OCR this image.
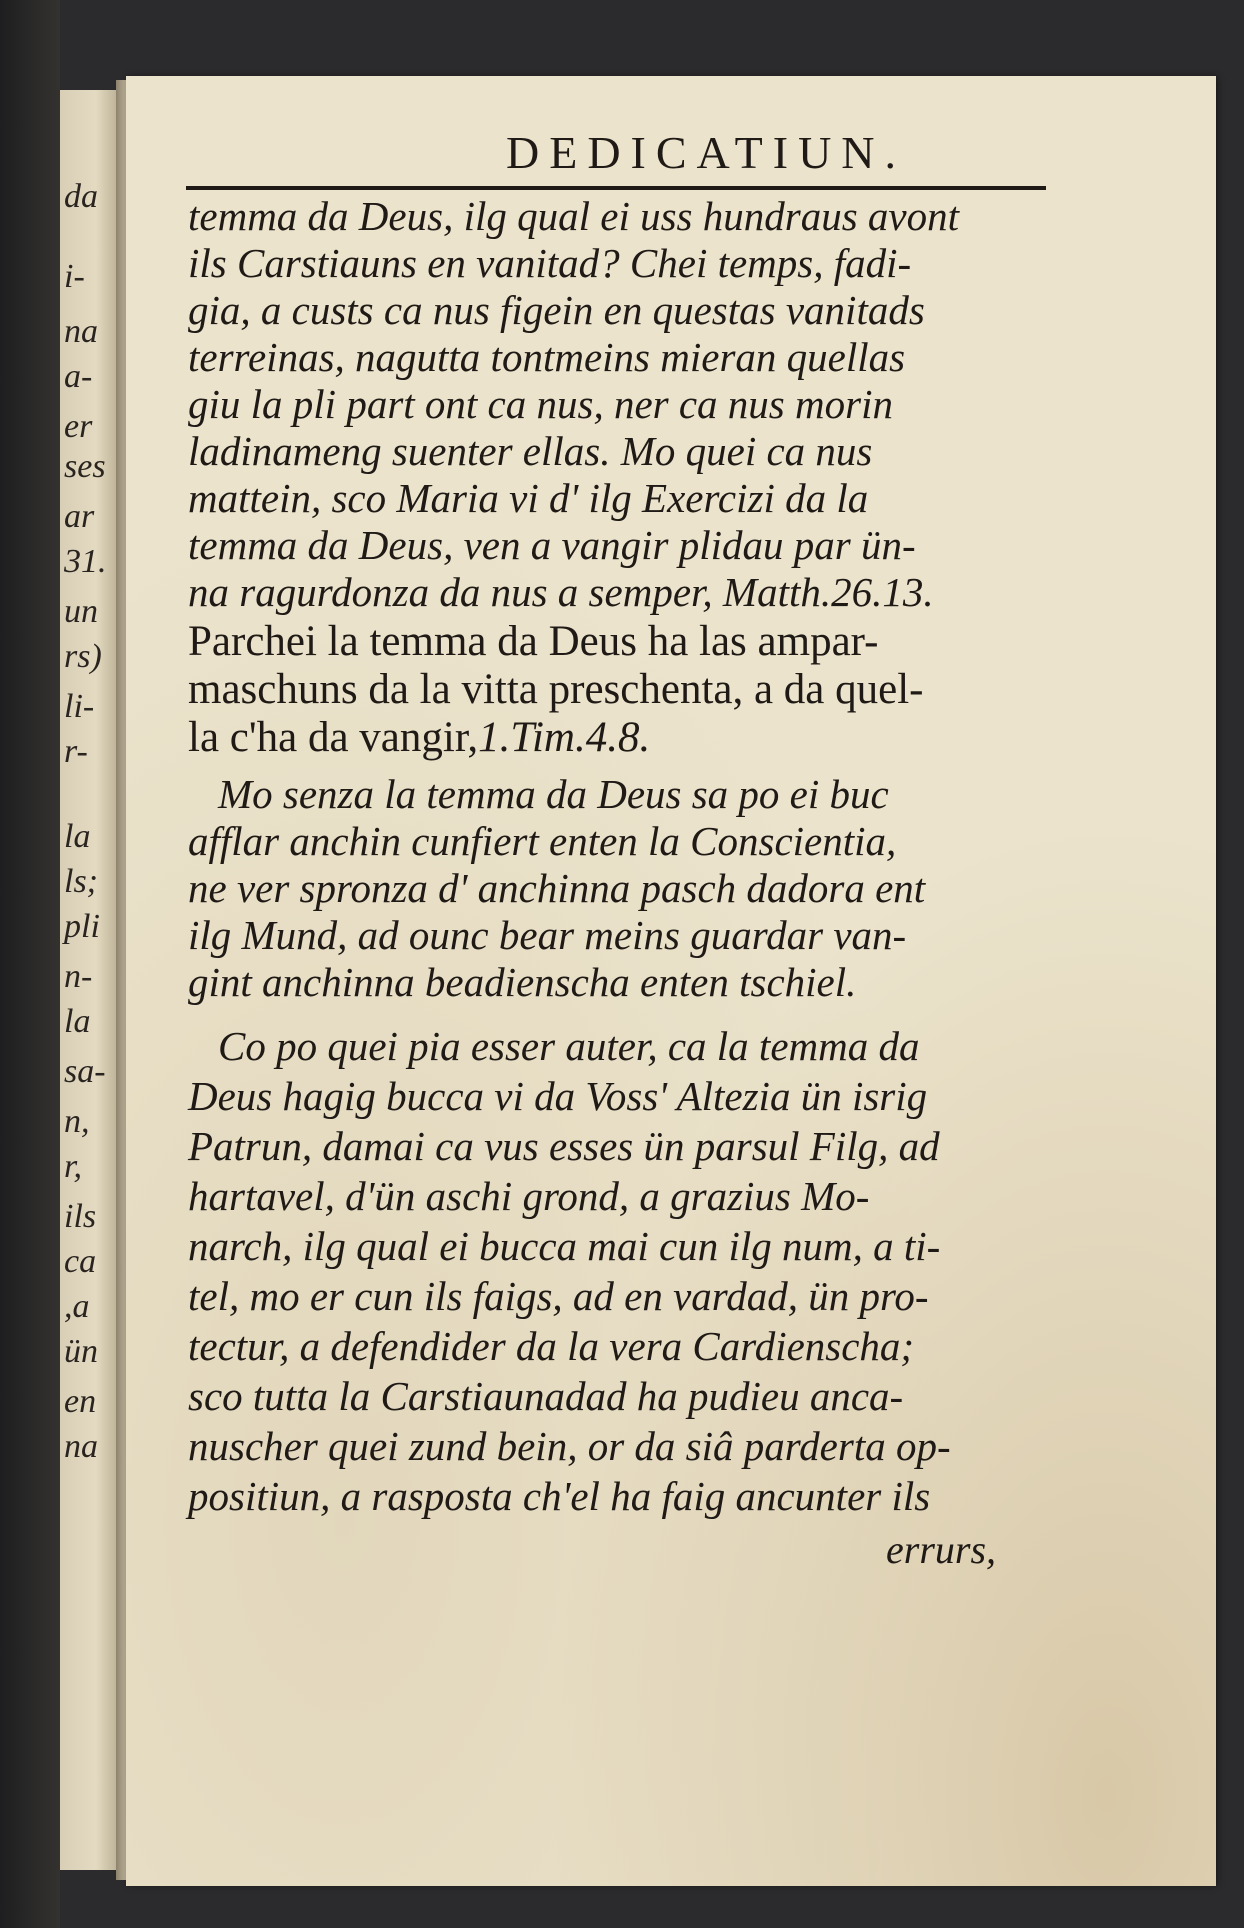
da
i-
na
a-
er
ses
ar
31.
un
rs)
li-
r-
la
ls;
pli
n-
la
sa-
n,
r,
ils
ca
,a
ün
en
na
DEDICATIUN.
temma da Deus, ilg qual ei uss hundraus avont
ils Carstiauns en vanitad? Chei temps, fadi-
gia, a custs ca nus figein en questas vanitads
terreinas, nagutta tontmeins mieran quellas
giu la pli part ont ca nus, ner ca nus morin
ladinameng suenter ellas. Mo quei ca nus
mattein, sco Maria vi d' ilg Exercizi da la
temma da Deus, ven a vangir plidau par ün-
na ragurdonza da nus a semper, Matth.26.13.
Parchei la temma da Deus ha las ampar-
maschuns da la vitta preschenta, a da quel-
la c'ha da vangir,1.Tim.4.8.
Mo senza la temma da Deus sa po ei buc
afflar anchin cunfiert enten la Conscientia,
ne ver spronza d' anchinna pasch dadora ent
ilg Mund, ad ounc bear meins guardar van-
gint anchinna beadienscha enten tschiel.
Co po quei pia esser auter, ca la temma da
Deus hagig bucca vi da Voss' Altezia ün isrig
Patrun, damai ca vus esses ün parsul Filg, ad
hartavel, d'ün aschi grond, a grazius Mo-
narch, ilg qual ei bucca mai cun ilg num, a ti-
tel, mo er cun ils faigs, ad en vardad, ün pro-
tectur, a defendider da la vera Cardienscha;
sco tutta la Carstiaunadad ha pudieu anca-
nuscher quei zund bein, or da siâ parderta op-
positiun, a rasposta ch'el ha faig ancunter ils
errurs,
